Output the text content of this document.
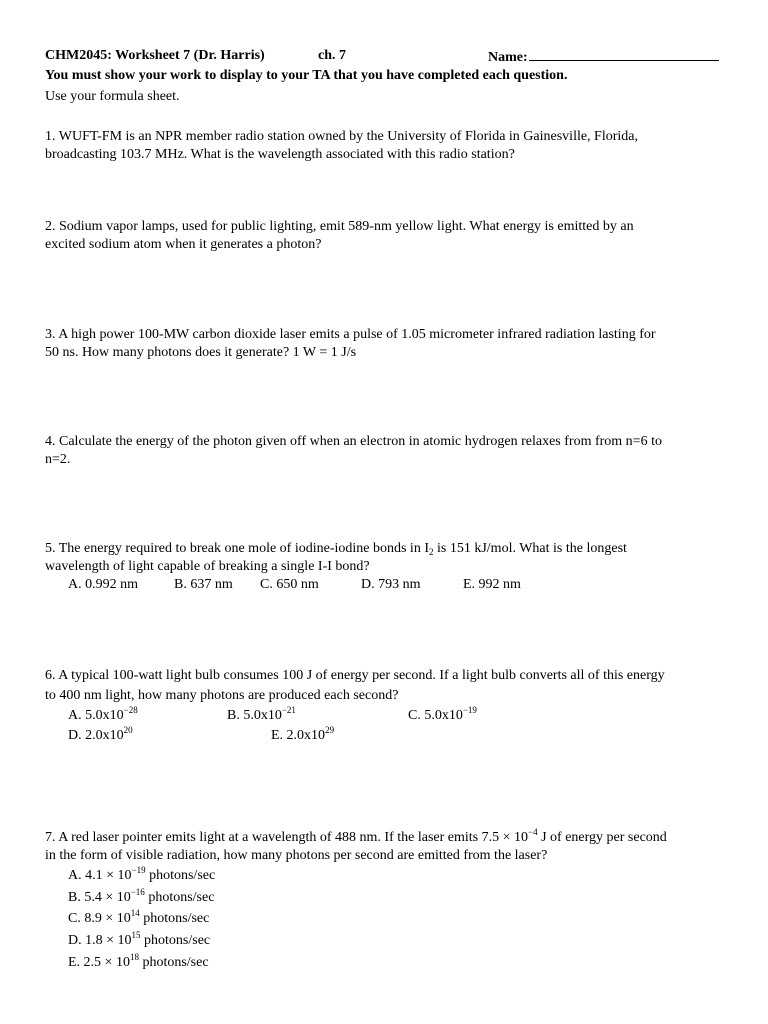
CHM2045: Worksheet 7 (Dr. Harris)	ch. 7	Name:
You must show your work to display to your TA that you have completed each question.
Use your formula sheet.
1. WUFT-FM is an NPR member radio station owned by the University of Florida in Gainesville, Florida,
broadcasting 103.7 MHz. What is the wavelength associated with this radio station?
2. Sodium vapor lamps, used for public lighting, emit 589-nm yellow light. What energy is emitted by an
excited sodium atom when it generates a photon?
3. A high power 100-MW carbon dioxide laser emits a pulse of 1.05 micrometer infrared radiation lasting for
50 ns. How many photons does it generate? 1 W = 1 J/s
4. Calculate the energy of the photon given off when an electron in atomic hydrogen relaxes from from n=6 to
n=2.
5. The energy required to break one mole of iodine-iodine bonds in $I_2$ is 151 kJ/mol. What is the longest
wavelength of light capable of breaking a single I-I bond?
A. 0.992 nm	B. 637 nm C. 650 nm	D. 793 nm	E. 992 nm
6. A typical 100-watt light bulb consumes 100 J of energy per second. If a light bulb converts all of this energy
to 400 nm light, how many photons are produced each second?
A. $5.0x10^{-28}$	B. $5.0x10^{-21}$	C. $5.0x10^{-19}$
D. $2.0x10^{20}$	E. $2.0x10^{29}$
7. A red laser pointer emits light at a wavelength of 488 nm. If the laser emits $7.5 \times 10^{-4}$ J of energy per second
in the form of visible radiation, how many photons per second are emitted from the laser?
A. $4.1 \times 10^{-19}$ photons/sec
B. $5.4 \times 10^{-16}$ photons/sec
C. $8.9 \times 10^{14}$ photons/sec
D. $1.8 \times 10^{15}$ photons/sec
E. $2.5 \times 10^{18}$ photons/sec
